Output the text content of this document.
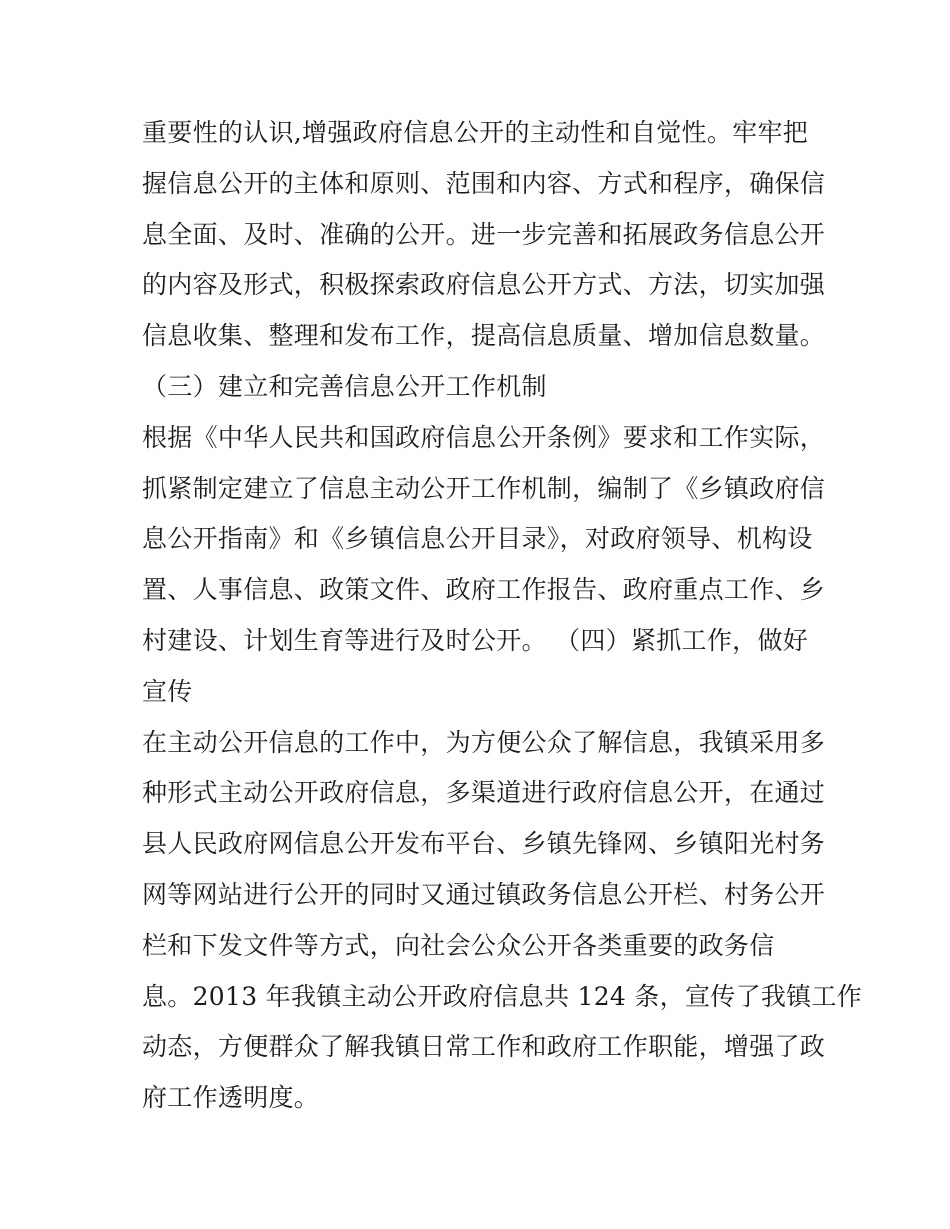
重要性的认识,增强政府信息公开的主动性和自觉性。牢牢把
握信息公开的主体和原则、范围和内容、方式和程序，确保信
息全面、及时、准确的公开。进一步完善和拓展政务信息公开
的内容及形式，积极探索政府信息公开方式、方法，切实加强
信息收集、整理和发布工作，提高信息质量、增加信息数量。
（三）建立和完善信息公开工作机制
根据《中华人民共和国政府信息公开条例》要求和工作实际，
抓紧制定建立了信息主动公开工作机制，编制了《乡镇政府信
息公开指南》和《乡镇信息公开目录》，对政府领导、机构设
置、人事信息、政策文件、政府工作报告、政府重点工作、乡
村建设、计划生育等进行及时公开。 （四）紧抓工作，做好
宣传
在主动公开信息的工作中，为方便公众了解信息，我镇采用多
种形式主动公开政府信息，多渠道进行政府信息公开，在通过
县人民政府网信息公开发布平台、乡镇先锋网、乡镇阳光村务
网等网站进行公开的同时又通过镇政务信息公开栏、村务公开
栏和下发文件等方式，向社会公众公开各类重要的政务信
息。2013 年我镇主动公开政府信息共 124 条，宣传了我镇工作
动态，方便群众了解我镇日常工作和政府工作职能，增强了政
府工作透明度。
